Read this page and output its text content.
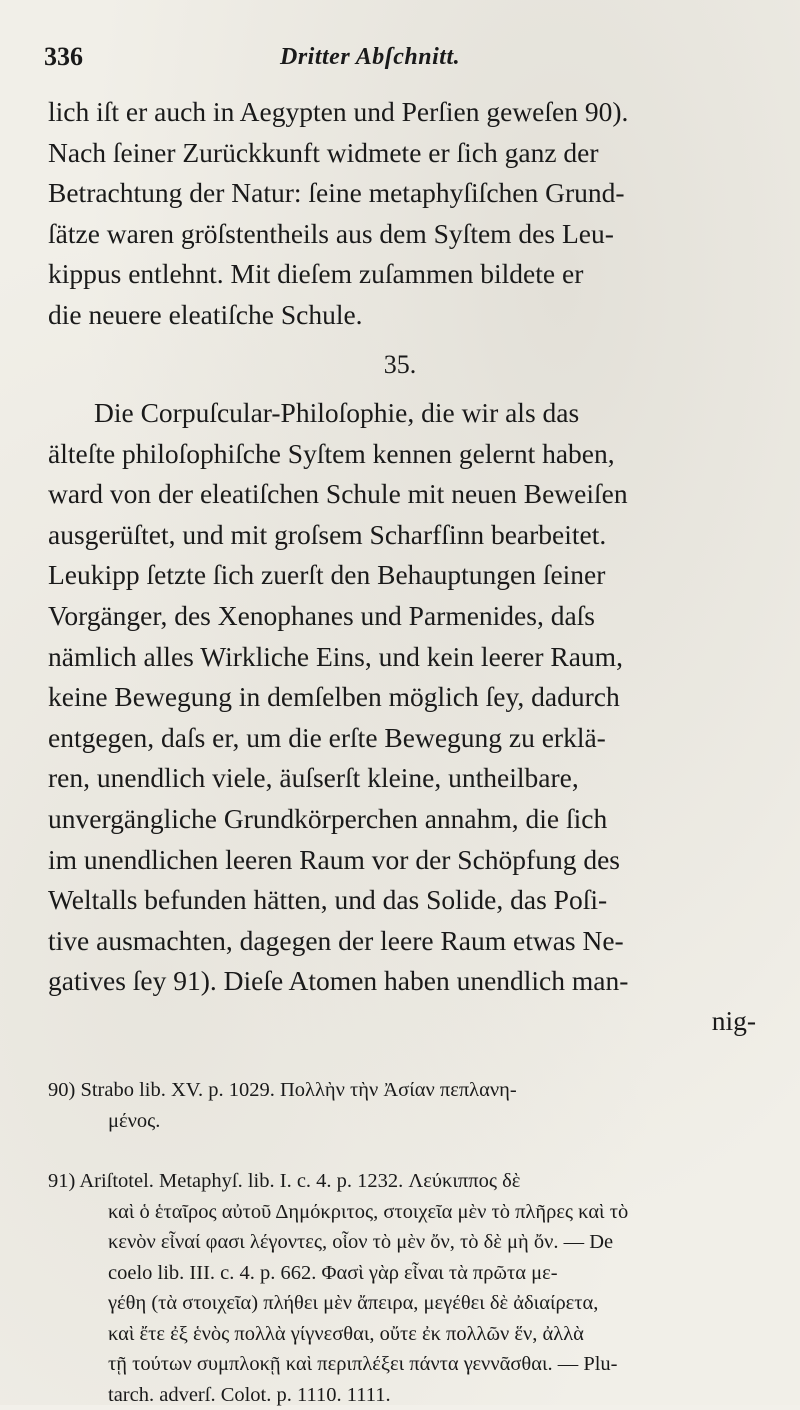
336	Dritter Abſchnitt.
lich iſt er auch in Aegypten und Perſien geweſen 90).
Nach ſeiner Zurückkunft widmete er ſich ganz der
Betrachtung der Natur: ſeine metaphyſiſchen Grund-
ſätze waren gröſstentheils aus dem Syſtem des Leu-
kippus entlehnt. Mit dieſem zuſammen bildete er
die neuere eleatiſche Schule.
35.
Die Corpuſcular-Philoſophie, die wir als das
älteſte philoſophiſche Syſtem kennen gelernt haben,
ward von der eleatiſchen Schule mit neuen Beweiſen
ausgerüſtet, und mit groſsem Scharfſinn bearbeitet.
Leukipp ſetzte ſich zuerſt den Behauptungen ſeiner
Vorgänger, des Xenophanes und Parmenides, daſs
nämlich alles Wirkliche Eins, und kein leerer Raum,
keine Bewegung in demſelben möglich ſey, dadurch
entgegen, daſs er, um die erſte Bewegung zu erklä-
ren, unendlich viele, äuſserſt kleine, untheilbare,
unvergängliche Grundkörperchen annahm, die ſich
im unendlichen leeren Raum vor der Schöpfung des
Weltalls befunden hätten, und das Solide, das Poſi-
tive ausmachten, dagegen der leere Raum etwas Ne-
gatives ſey 91). Dieſe Atomen haben unendlich man-
nig-
90) Strabo lib. XV. p. 1029. Πολλὴν τὴν Ἀσίαν πεπλανη-
μένος.
91) Ariſtotel. Metaphyſ. lib. I. c. 4. p. 1232. Λεύκιππος δὲ
καὶ ὁ ἑταῖρος αὐτοῦ Δημόκριτος, στοιχεῖα μὲν τὸ πλῆρες καὶ τὸ
κενὸν εἶναί φασι λέγοντες, οἷον τὸ μὲν ὄν, τὸ δὲ μὴ ὄν. — De
coelo lib. III. c. 4. p. 662. Φασὶ γὰρ εἶναι τὰ πρῶτα με-
γέθη (τὰ στοιχεῖα) πλήθει μὲν ἄπειρα, μεγέθει δὲ ἀδιαίρετα,
καὶ ἔτε ἐξ ἑνὸς πολλὰ γίγνεσθαι, οὔτε ἐκ πολλῶν ἕν, ἀλλὰ
τῇ τούτων συμπλοκῇ καὶ περιπλέξει πάντα γεννᾶσθαι. — Plu-
tarch. adverſ. Colot. p. 1110. 1111.
